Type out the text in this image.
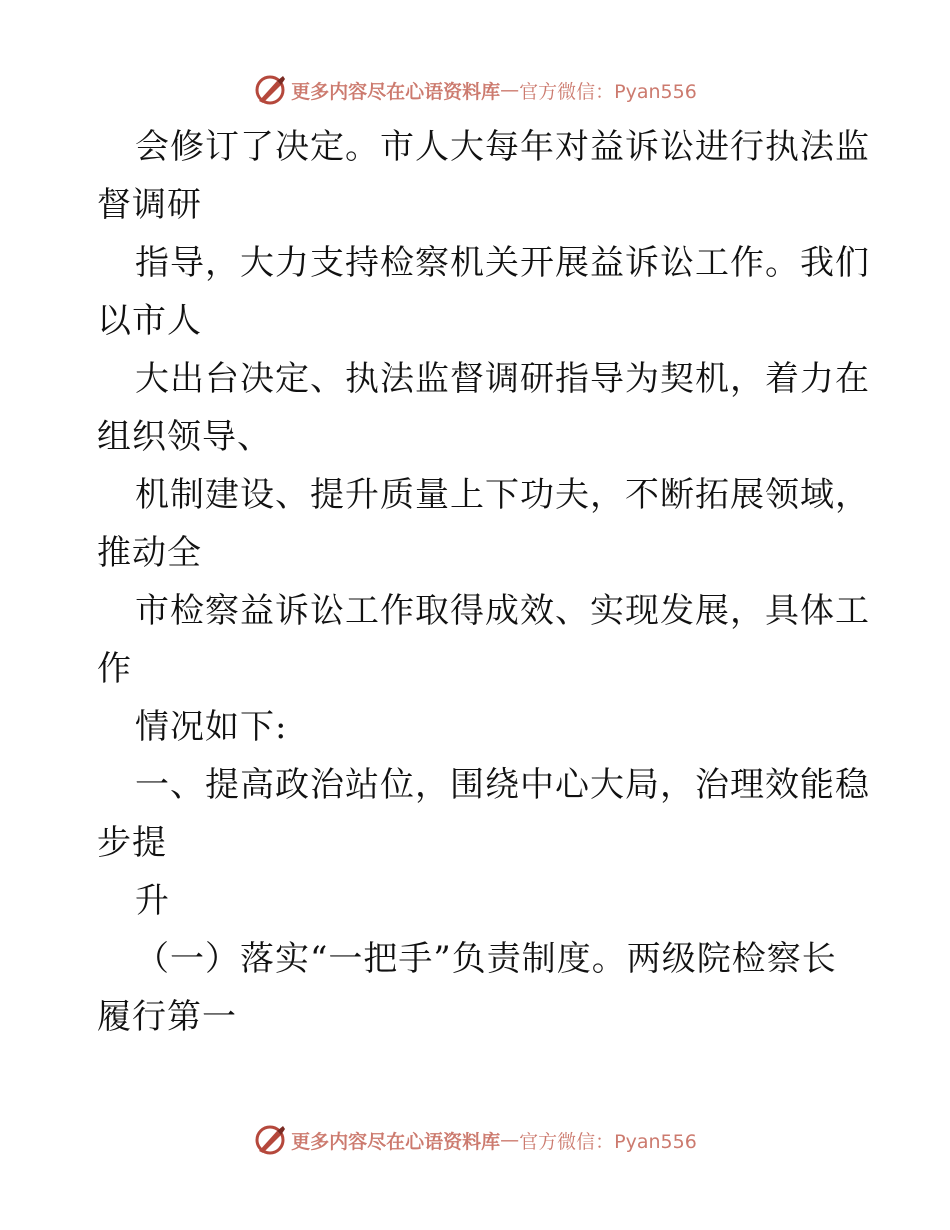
更多内容尽在心语资料库 — 官方微信：Pyan556
会修订了决定。市人大每年对益诉讼进行执法监
督调研
指导，大力支持检察机关开展益诉讼工作。我们
以市人
大出台决定、执法监督调研指导为契机，着力在
组织领导、
机制建设、提升质量上下功夫，不断拓展领域，
推动全
市检察益诉讼工作取得成效、实现发展，具体工
作
情况如下:
一、提高政治站位，围绕中心大局，治理效能稳
步提
升
（一）落实“一把手”负责制度。两级院检察长
履行第一
更多内容尽在心语资料库 — 官方微信：Pyan556
